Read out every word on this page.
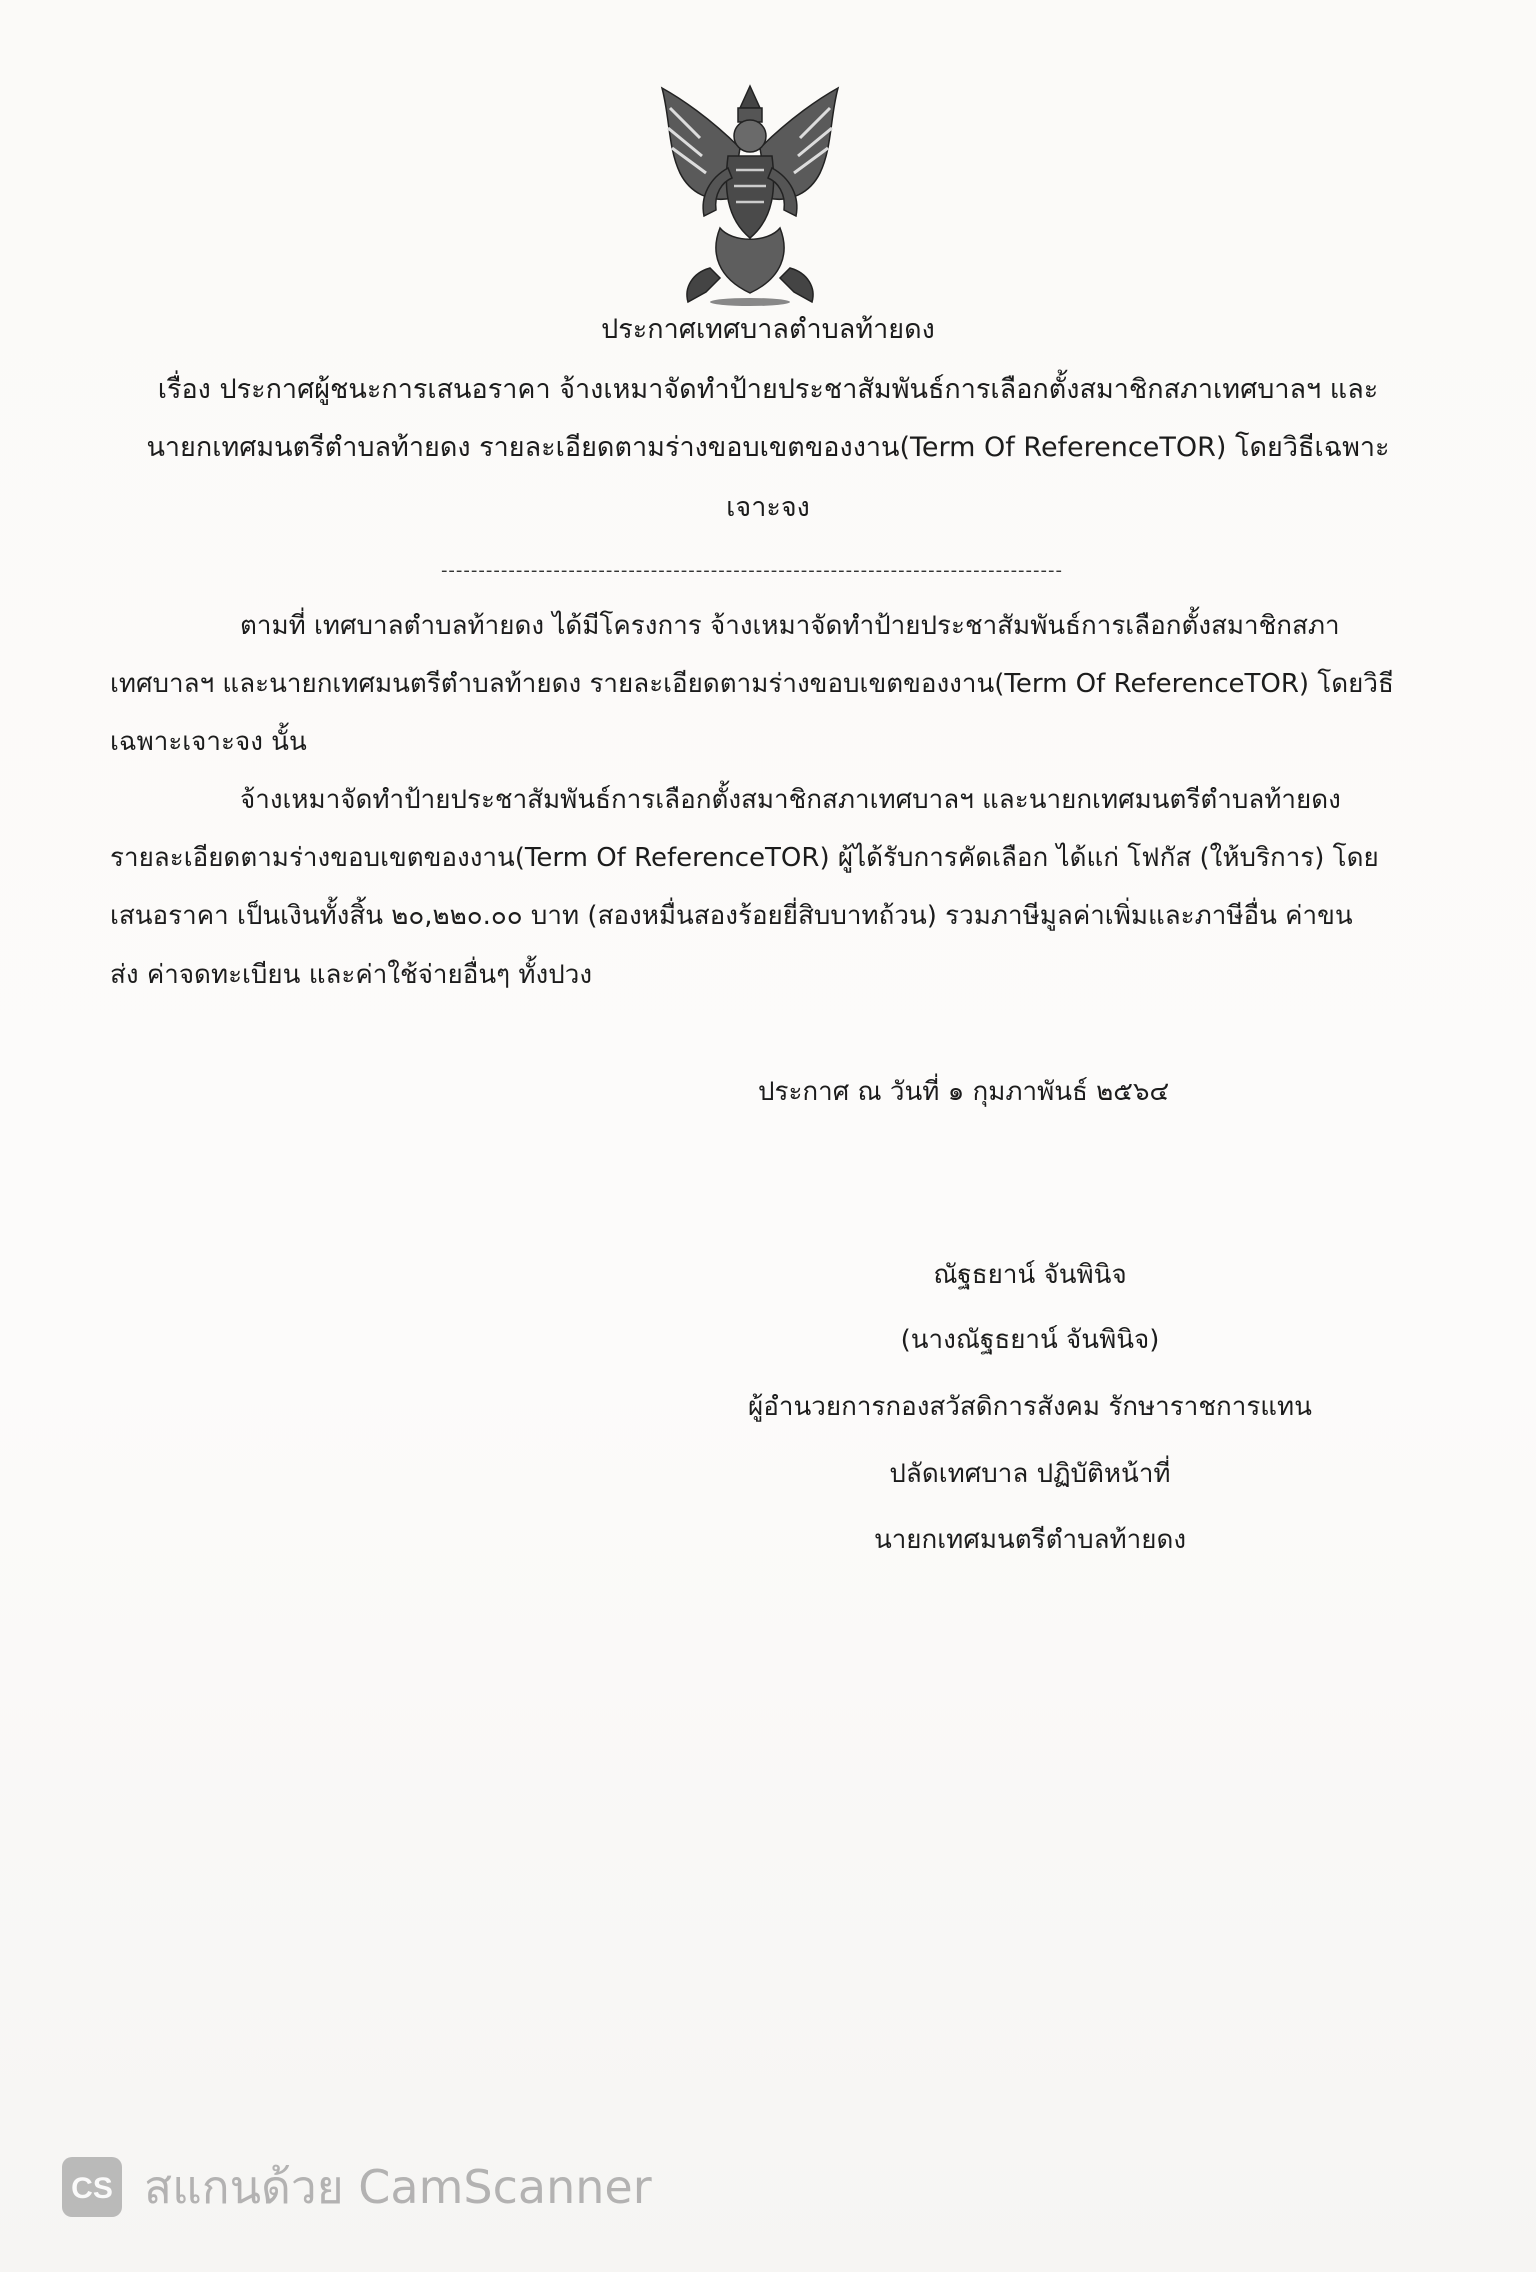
ประกาศเทศบาลตำบลท้ายดง
เรื่อง ประกาศผู้ชนะการเสนอราคา จ้างเหมาจัดทำป้ายประชาสัมพันธ์การเลือกตั้งสมาชิกสภาเทศบาลฯ และ
นายกเทศมนตรีตำบลท้ายดง รายละเอียดตามร่างขอบเขตของงาน(Term Of ReferenceTOR) โดยวิธีเฉพาะ
เจาะจง
-----------------------------------------------------------------------------------
ตามที่ เทศบาลตำบลท้ายดง ได้มีโครงการ จ้างเหมาจัดทำป้ายประชาสัมพันธ์การเลือกตั้งสมาชิกสภา
เทศบาลฯ และนายกเทศมนตรีตำบลท้ายดง รายละเอียดตามร่างขอบเขตของงาน(Term Of ReferenceTOR) โดยวิธี
เฉพาะเจาะจง นั้น
จ้างเหมาจัดทำป้ายประชาสัมพันธ์การเลือกตั้งสมาชิกสภาเทศบาลฯ และนายกเทศมนตรีตำบลท้ายดง
รายละเอียดตามร่างขอบเขตของงาน(Term Of ReferenceTOR) ผู้ได้รับการคัดเลือก ได้แก่ โฟกัส (ให้บริการ) โดย
เสนอราคา เป็นเงินทั้งสิ้น ๒๐,๒๒๐.๐๐ บาท (สองหมื่นสองร้อยยี่สิบบาทถ้วน) รวมภาษีมูลค่าเพิ่มและภาษีอื่น ค่าขน
ส่ง ค่าจดทะเบียน และค่าใช้จ่ายอื่นๆ ทั้งปวง
ประกาศ ณ วันที่ ๑ กุมภาพันธ์ ๒๕๖๔
ณัฐธยาน์ จันพินิจ
(นางณัฐธยาน์ จันพินิจ)
ผู้อำนวยการกองสวัสดิการสังคม รักษาราชการแทน
ปลัดเทศบาล ปฏิบัติหน้าที่
นายกเทศมนตรีตำบลท้ายดง
CS สแกนด้วย CamScanner
